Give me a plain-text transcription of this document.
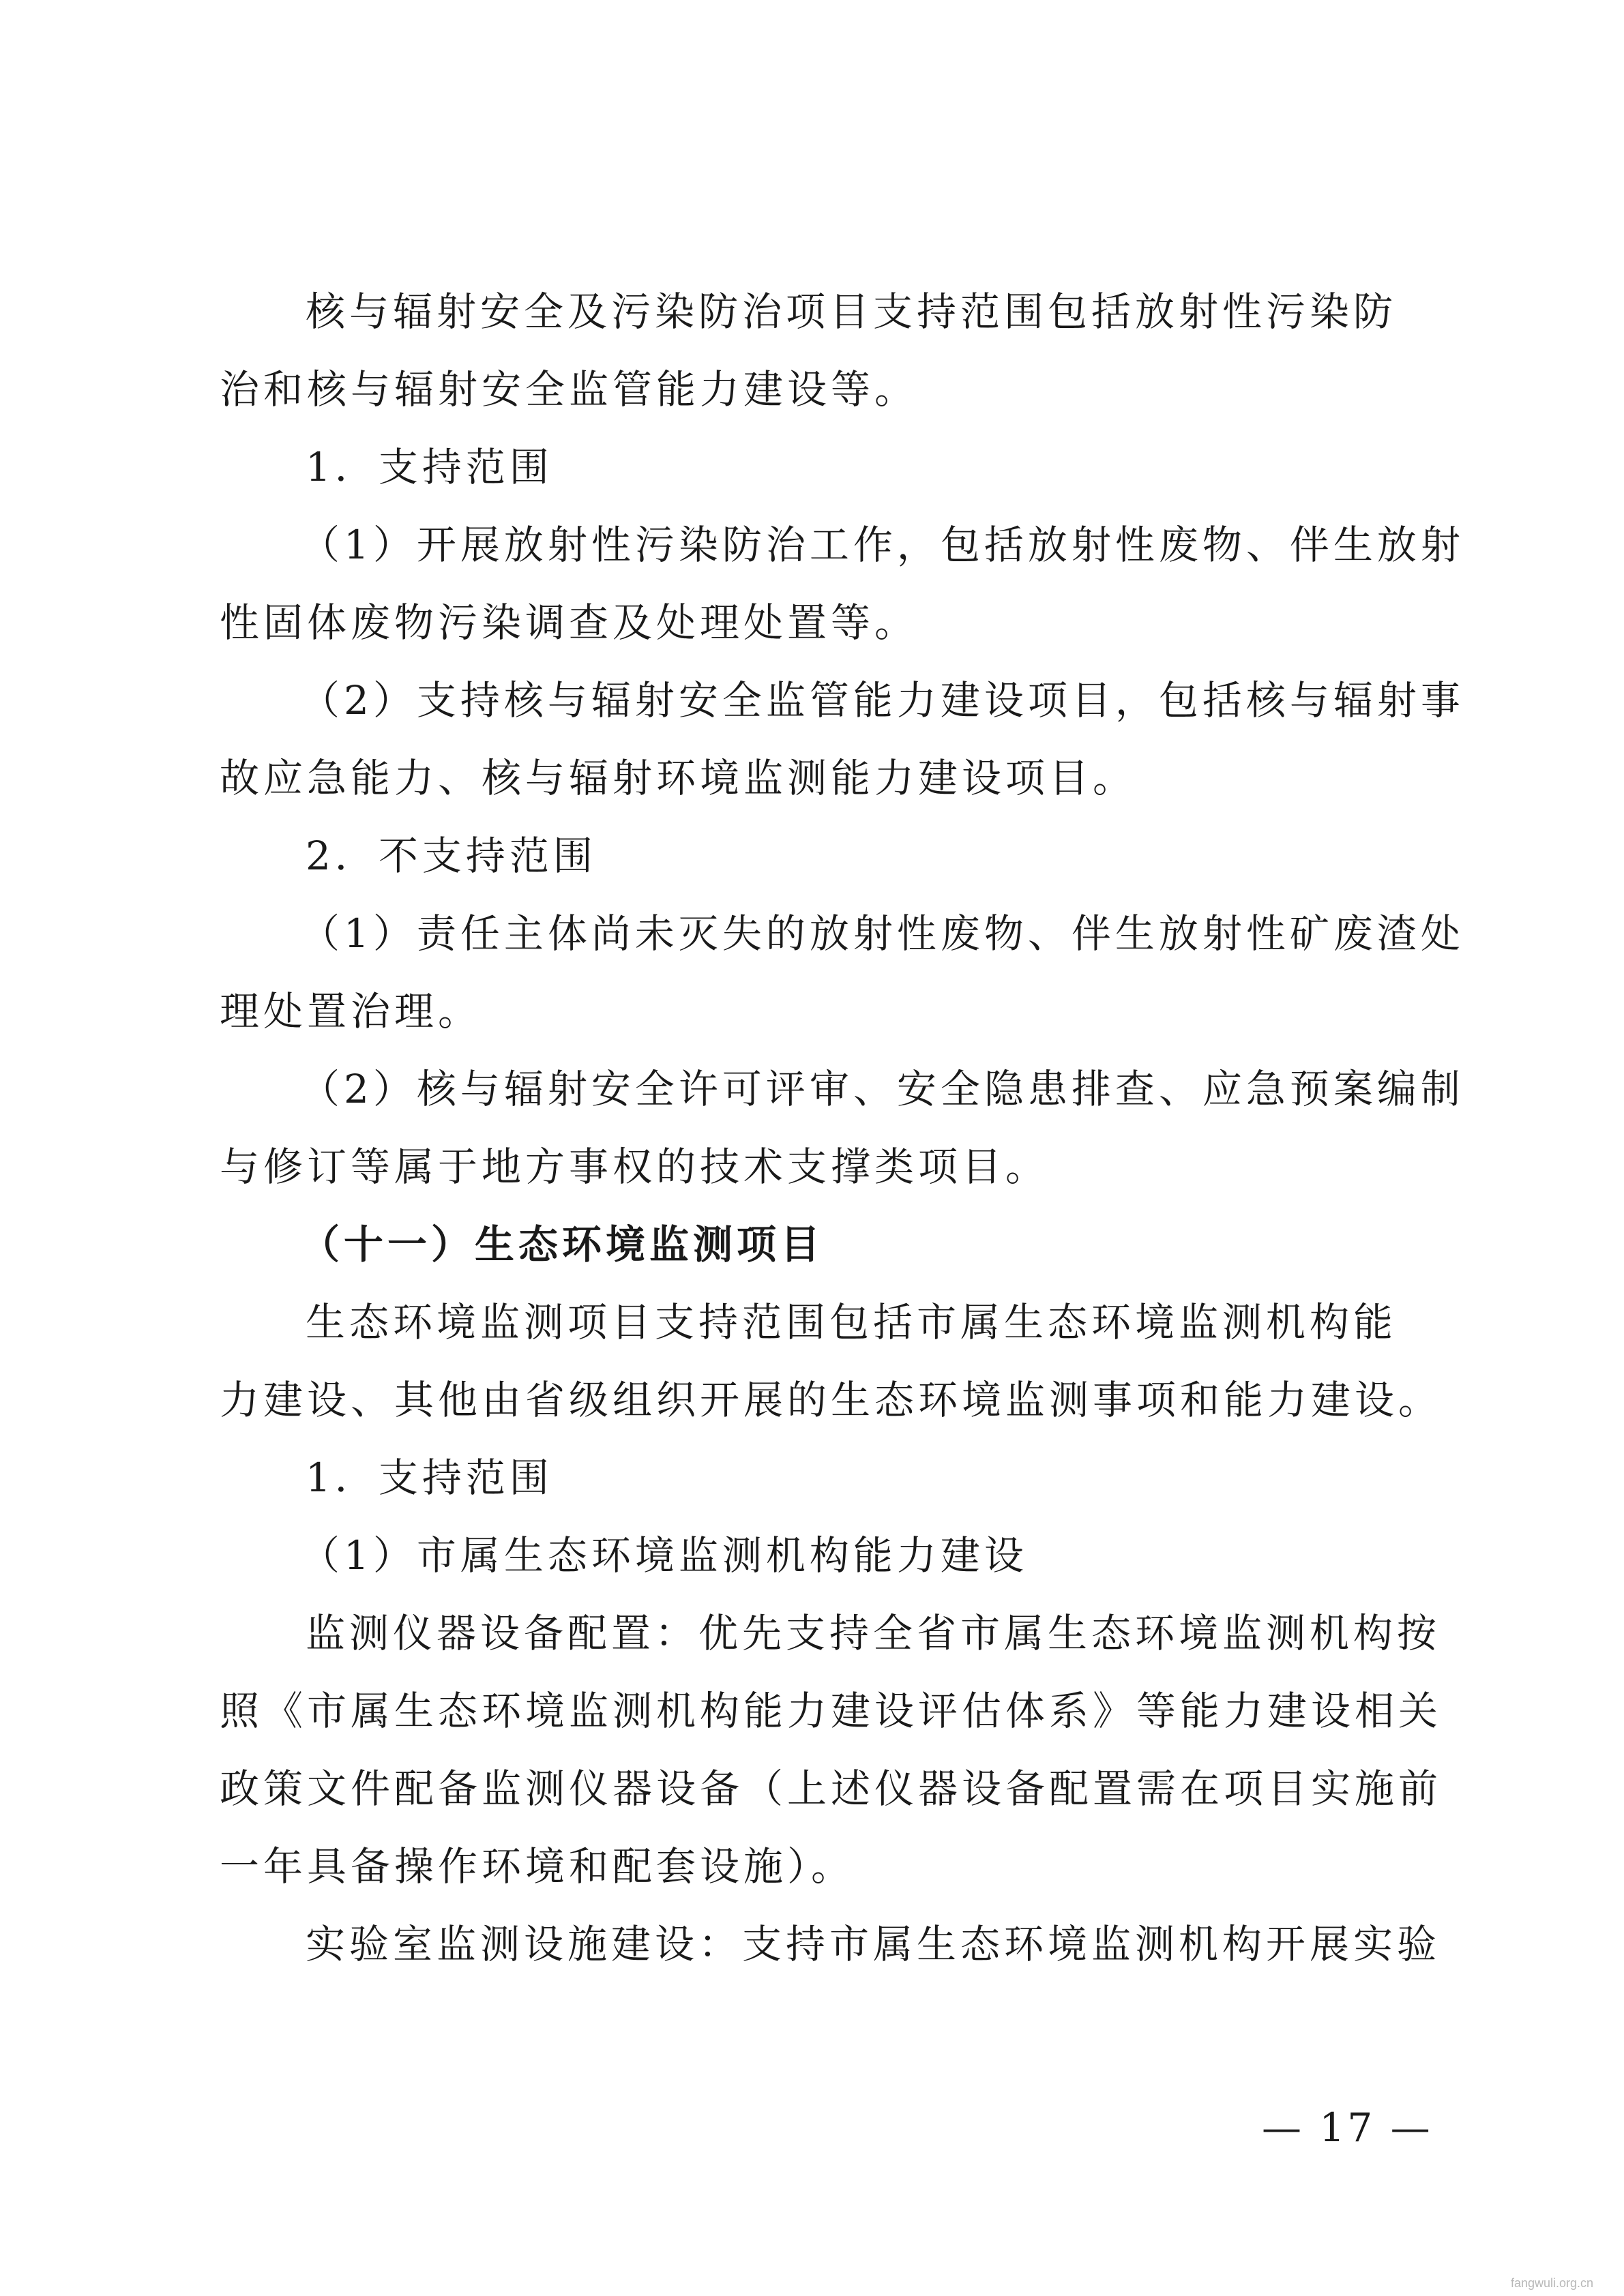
核与辐射安全及污染防治项目支持范围包括放射性污染防
治和核与辐射安全监管能力建设等。
1．支持范围
（1）开展放射性污染防治工作，包括放射性废物、伴生放射
性固体废物污染调查及处理处置等。
（2）支持核与辐射安全监管能力建设项目，包括核与辐射事
故应急能力、核与辐射环境监测能力建设项目。
2．不支持范围
（1）责任主体尚未灭失的放射性废物、伴生放射性矿废渣处
理处置治理。
（2）核与辐射安全许可评审、安全隐患排查、应急预案编制
与修订等属于地方事权的技术支撑类项目。
（十一）生态环境监测项目
生态环境监测项目支持范围包括市属生态环境监测机构能
力建设、其他由省级组织开展的生态环境监测事项和能力建设。
1．支持范围
（1）市属生态环境监测机构能力建设
监测仪器设备配置：优先支持全省市属生态环境监测机构按
照《市属生态环境监测机构能力建设评估体系》等能力建设相关
政策文件配备监测仪器设备（上述仪器设备配置需在项目实施前
一年具备操作环境和配套设施）。
实验室监测设施建设：支持市属生态环境监测机构开展实验
— 17 —
fangwuli.org.cn
